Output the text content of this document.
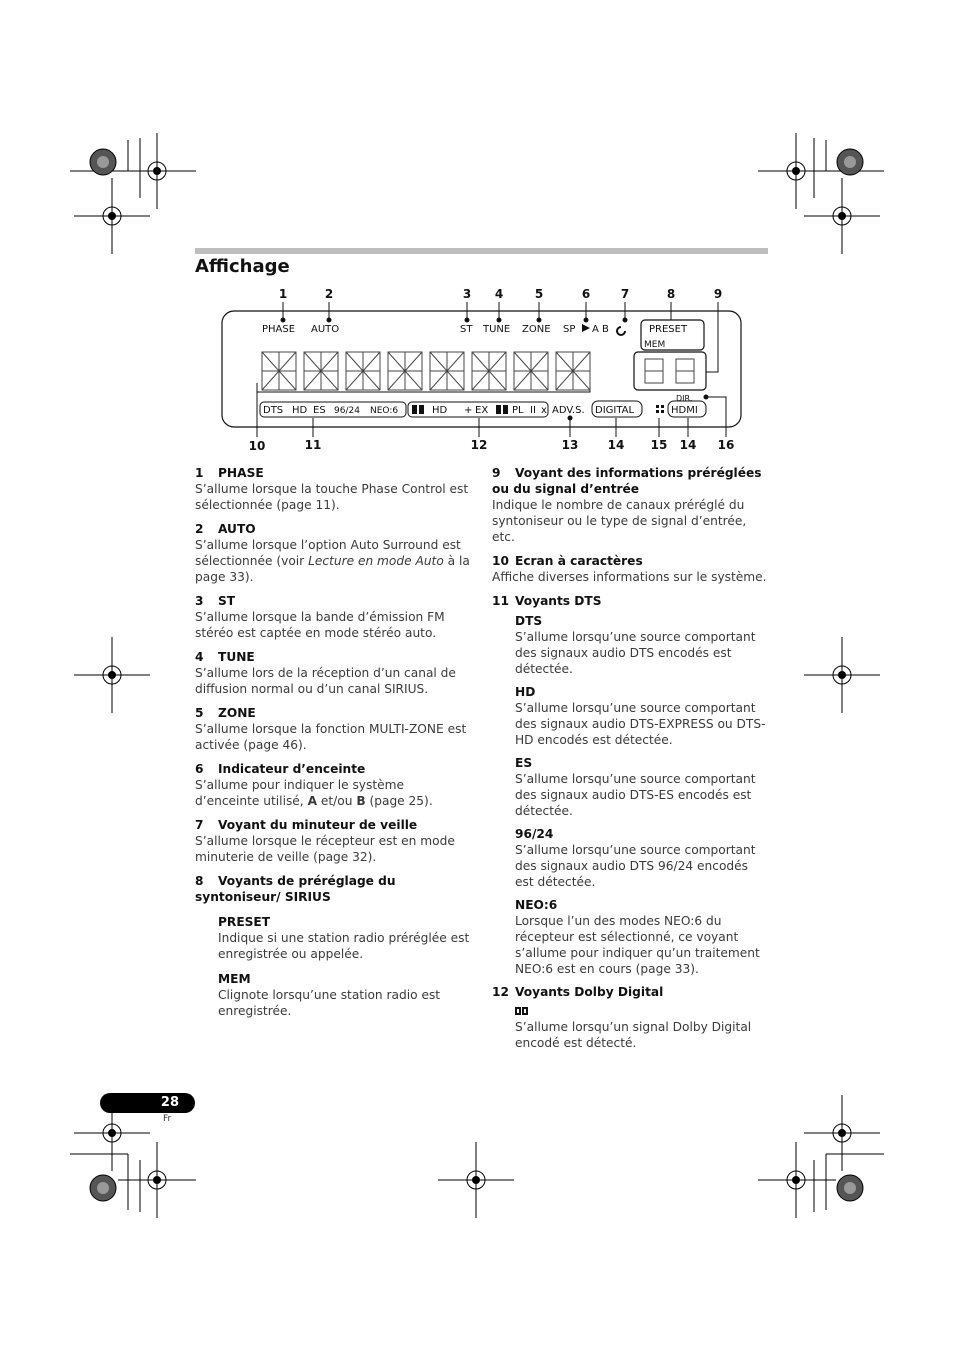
Affichage
1	2	3 4	5	6	7	8	9
10	11	12	13 14 15 14 16
PHASE AUTO	ST TUNE ZONE SP A B	PRESET
MEM
DIR.
DTS HD ES 96/24 NEO:6	HD + EX PL II x ADV.S. DIGITAL	HDMI
1 PHASE

S’allume lorsque la touche Phase Control est sélectionnée (page 11).

2 AUTO

S’allume lorsque l’option Auto Surround est sélectionnée (voir Lecture en mode Auto à la page 33).

3 ST

S’allume lorsque la bande d’émission FM stéréo est captée en mode stéréo auto.

4 TUNE

S’allume lors de la réception d’un canal de diffusion normal ou d’un canal SIRIUS.

5 ZONE

S’allume lorsque la fonction MULTI-ZONE est activée (page 46).

6 Indicateur d’enceinte

S’allume pour indiquer le système d’enceinte utilisé, A et/ou B (page 25).

7 Voyant du minuteur de veille

S’allume lorsque le récepteur est en mode minuterie de veille (page 32).

8 Voyants de préréglage du syntoniseur/ SIRIUS
PRESET

Indique si une station radio préréglée est enregistrée ou appelée.

MEM

Clignote lorsqu’une station radio est enregistrée.

9 Voyant des informations préréglées ou du signal d’entrée

Indique le nombre de canaux préréglé du syntoniseur ou le type de signal d’entrée, etc.

10 Ecran à caractères

Affiche diverses informations sur le système.

11 Voyants DTS
DTS

S’allume lorsqu’une source comportant des signaux audio DTS encodés est détectée.

HD

S’allume lorsqu’une source comportant des signaux audio DTS-EXPRESS ou DTS-HD encodés est détectée.

ES

S’allume lorsqu’une source comportant des signaux audio DTS-ES encodés est détectée.

96/24

S’allume lorsqu’une source comportant des signaux audio DTS 96/24 encodés est détectée.

NEO:6

Lorsque l’un des modes NEO:6 du récepteur est sélectionné, ce voyant s’allume pour indiquer qu’un traitement NEO:6 est en cours (page 33).

12 Voyants Dolby Digital

S’allume lorsqu’un signal Dolby Digital encodé est détecté.

28
Fr
